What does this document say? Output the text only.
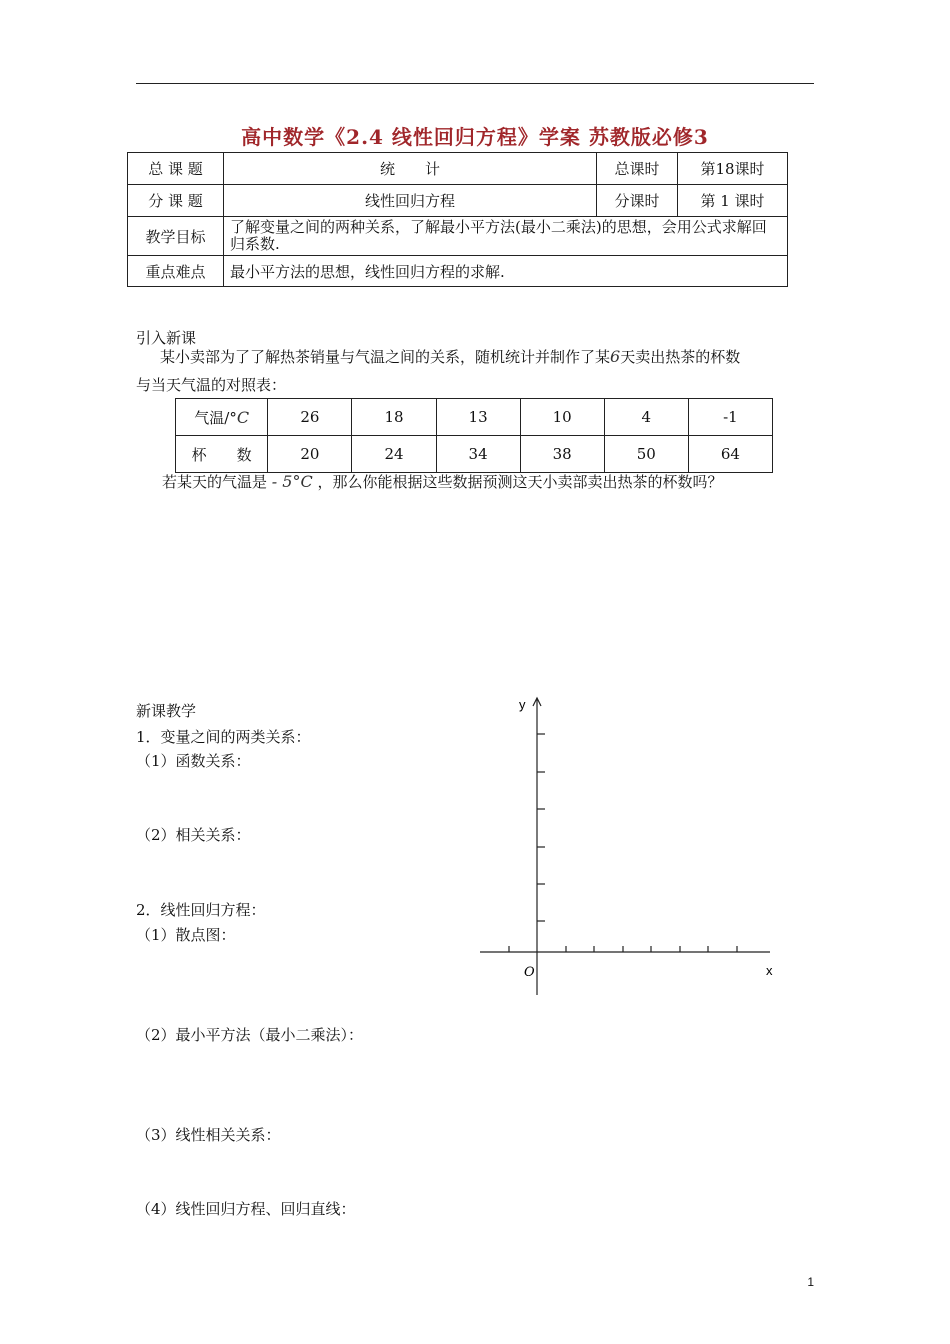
高中数学《2.4 线性回归方程》学案 苏教版必修3
总 课 题	统　　计	总课时	第18课时
分 课 题	线性回归方程	分课时	第 1 课时
教学目标	了解变量之间的两种关系，了解最小平方法(最小二乘法)的思想，会用公式求解回归系数.		
重点难点	最小平方法的思想，线性回归方程的求解.		
引入新课
某小卖部为了了解热茶销量与气温之间的关系，随机统计并制作了某6天卖出热茶的杯数
与当天气温的对照表：
气温/°C	26	18	13	10	4	-1
杯　　数	20	24	34	38	50	64
若某天的气温是 - 5°C ，那么你能根据这些数据预测这天小卖部卖出热茶的杯数吗？
新课教学
1．变量之间的两类关系：
（1）函数关系：
（2）相关关系：
2．线性回归方程：
（1）散点图：
（2）最小平方法（最小二乘法）：
（3）线性相关关系：
（4）线性回归方程、回归直线：
y
x
O
1
